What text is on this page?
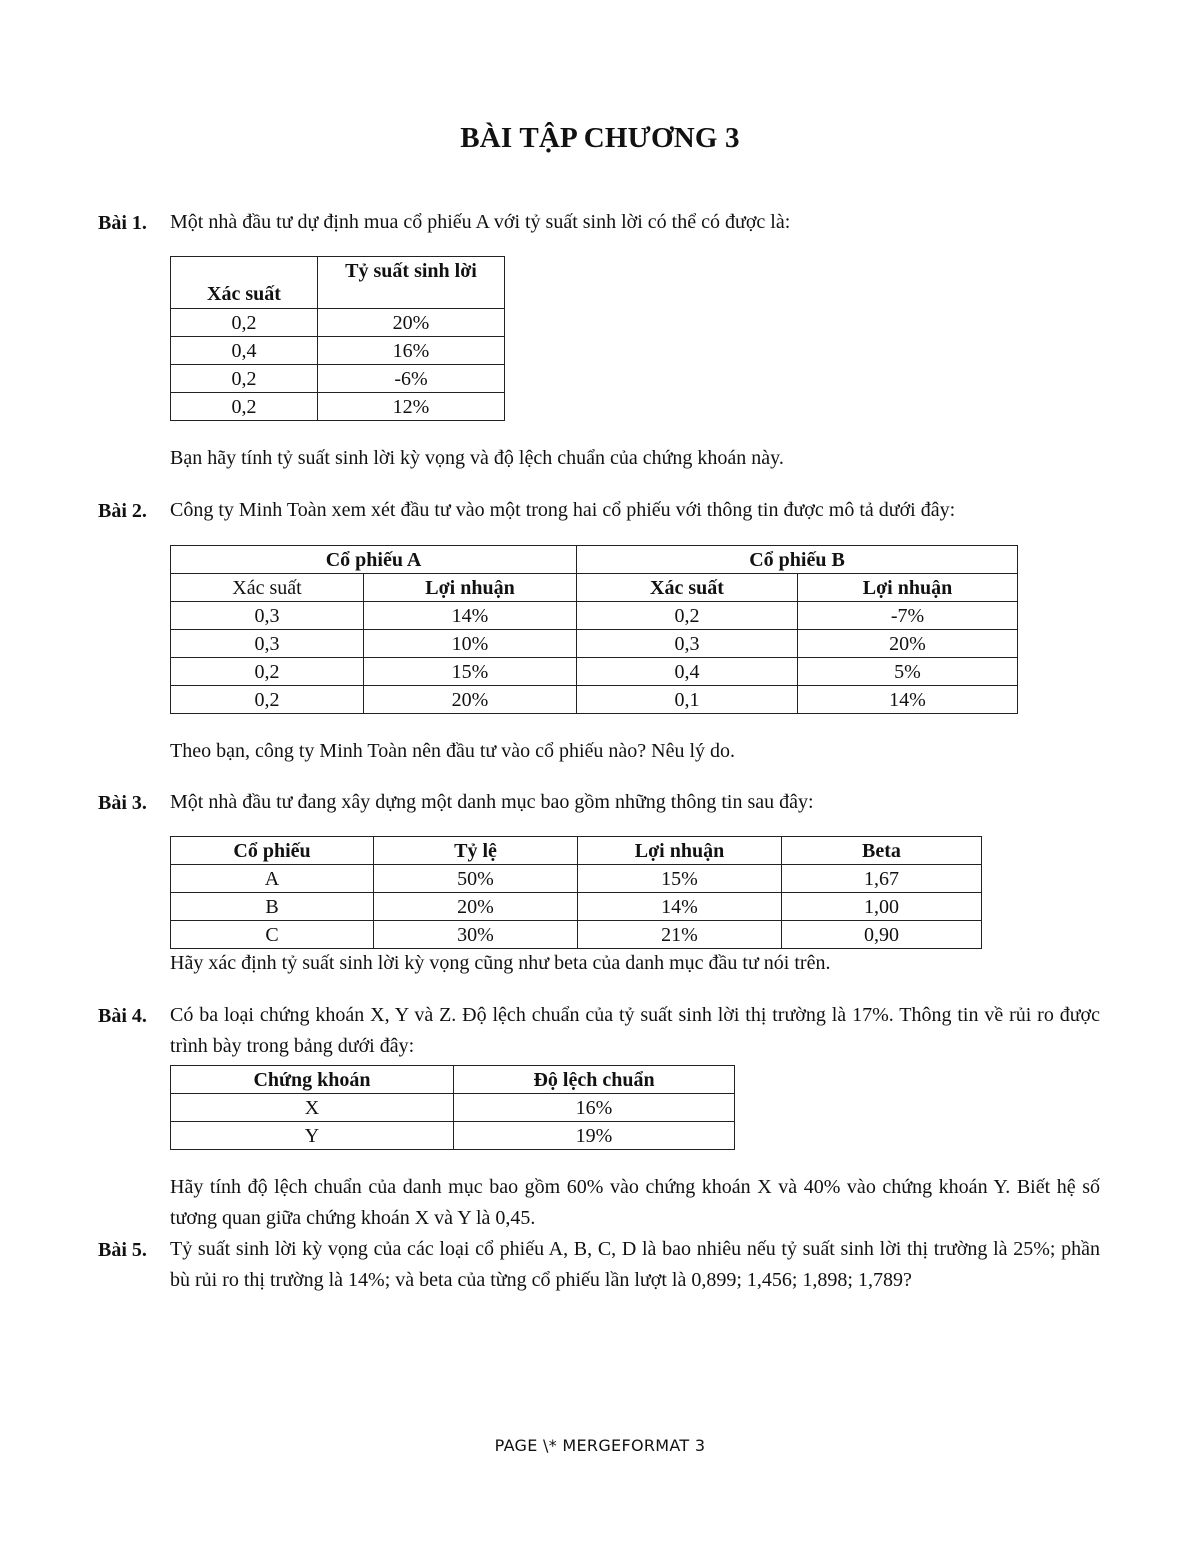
BÀI TẬP CHƯƠNG 3
Bài 1. Một nhà đầu tư dự định mua cổ phiếu A với tỷ suất sinh lời có thể có được là:
Xác suất	Tỷ suất sinh lời
0,2	20%
0,4	16%
0,2	-6%
0,2	12%
Bạn hãy tính tỷ suất sinh lời kỳ vọng và độ lệch chuẩn của chứng khoán này.
Bài 2. Công ty Minh Toàn xem xét đầu tư vào một trong hai cổ phiếu với thông tin được mô tả dưới đây:
Cổ phiếu A		Cổ phiếu B	
Xác suất	Lợi nhuận	Xác suất	Lợi nhuận
0,3	14%	0,2	-7%
0,3	10%	0,3	20%
0,2	15%	0,4	5%
0,2	20%	0,1	14%
Theo bạn, công ty Minh Toàn nên đầu tư vào cổ phiếu nào? Nêu lý do.
Bài 3. Một nhà đầu tư đang xây dựng một danh mục bao gồm những thông tin sau đây:
Cổ phiếu	Tỷ lệ	Lợi nhuận	Beta
A	50%	15%	1,67
B	20%	14%	1,00
C	30%	21%	0,90
Hãy xác định tỷ suất sinh lời kỳ vọng cũng như beta của danh mục đầu tư nói trên.
Bài 4. Có ba loại chứng khoán X, Y và Z. Độ lệch chuẩn của tỷ suất sinh lời thị trường là 17%. Thông tin về rủi ro được trình bày trong bảng dưới đây:
Chứng khoán	Độ lệch chuẩn
X	16%
Y	19%
Hãy tính độ lệch chuẩn của danh mục bao gồm 60% vào chứng khoán X và 40% vào chứng khoán Y. Biết hệ số tương quan giữa chứng khoán X và Y là 0,45.
Bài 5. Tỷ suất sinh lời kỳ vọng của các loại cổ phiếu A, B, C, D là bao nhiêu nếu tỷ suất sinh lời thị trường là 25%; phần bù rủi ro thị trường là 14%; và beta của từng cổ phiếu lần lượt là 0,899; 1,456; 1,898; 1,789?
PAGE \* MERGEFORMAT 3
